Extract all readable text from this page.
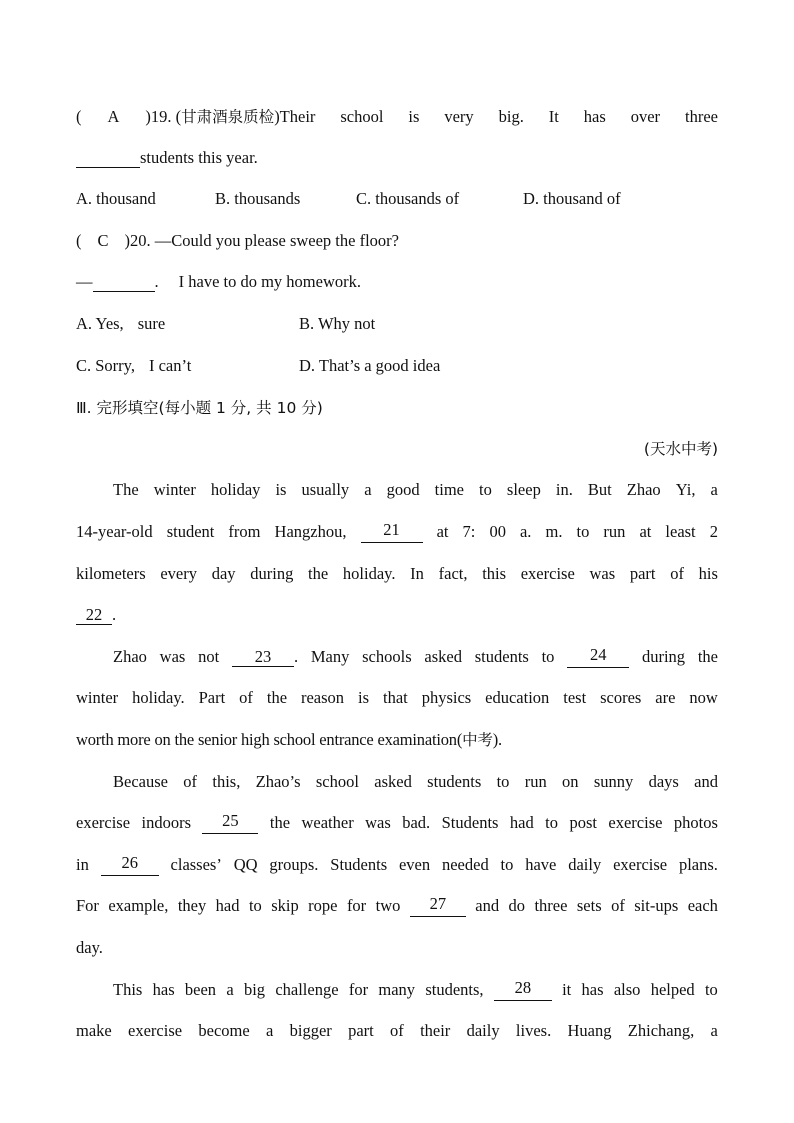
( A )19. (甘肃酒泉质检)Their school is very big. It has over three
students this year.
A. thousand	B. thousands	C. thousands of	D. thousand of
( C )20. —Could you please sweep the floor?
—	. I have to do my homework.
A. Yes, sure	B. Why not
C. Sorry, I can’t	D. That’s a good idea
Ⅲ. 完形填空(每小题 1 分, 共 10 分)
(天水中考)
The winter holiday is usually a good time to sleep in. But Zhao Yi, a
14-year-old student from Hangzhou,	21	at 7: 00 a. m. to run at least 2
kilometers every day during the holiday. In fact, this exercise was part of his
22 .
Zhao was not	23 . Many schools asked students to	24	during the
winter holiday. Part of the reason is that physics education test scores are now
worth more on the senior high school entrance examination(中考).
Because of this, Zhao’s school asked students to run on sunny days and
exercise indoors	25	the weather was bad. Students had to post exercise photos
in	26	classes’ QQ groups. Students even needed to have daily exercise plans.
For example, they had to skip rope for two	27	and do three sets of sit-ups each
day.
This has been a big challenge for many students,	28	it has also helped to
make exercise become a bigger part of their daily lives. Huang Zhichang, a
